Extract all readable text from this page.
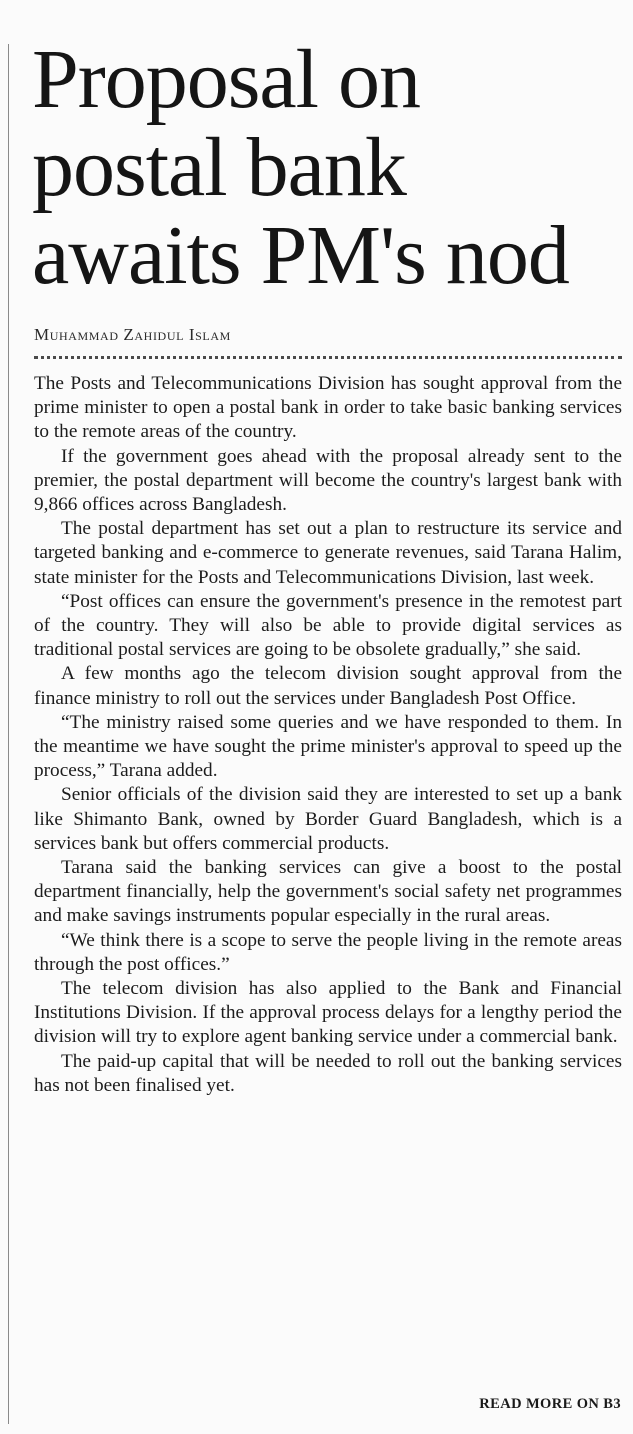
Proposal on
postal bank
awaits PM's nod
Muhammad Zahidul Islam

The Posts and Telecommunications Division has sought approval from the prime minister to open a postal bank in order to take basic banking services to the remote areas of the country.

If the government goes ahead with the proposal already sent to the premier, the postal department will become the country's largest bank with 9,866 offices across Bangladesh.

The postal department has set out a plan to restructure its service and targeted banking and e-commerce to generate revenues, said Tarana Halim, state minister for the Posts and Telecommunications Division, last week.

“Post offices can ensure the government's presence in the remotest part of the country. They will also be able to provide digital services as traditional postal services are going to be obsolete gradually,” she said.

A few months ago the telecom division sought approval from the finance ministry to roll out the services under Bangladesh Post Office.

“The ministry raised some queries and we have responded to them. In the meantime we have sought the prime minister's approval to speed up the process,” Tarana added.

Senior officials of the division said they are interested to set up a bank like Shimanto Bank, owned by Border Guard Bangladesh, which is a services bank but offers commercial products.

Tarana said the banking services can give a boost to the postal department financially, help the government's social safety net programmes and make savings instruments popular especially in the rural areas.

“We think there is a scope to serve the people living in the remote areas through the post offices.”

The telecom division has also applied to the Bank and Financial Institutions Division. If the approval process delays for a lengthy period the division will try to explore agent banking service under a commercial bank.

The paid-up capital that will be needed to roll out the banking services has not been finalised yet.

READ MORE ON B3
